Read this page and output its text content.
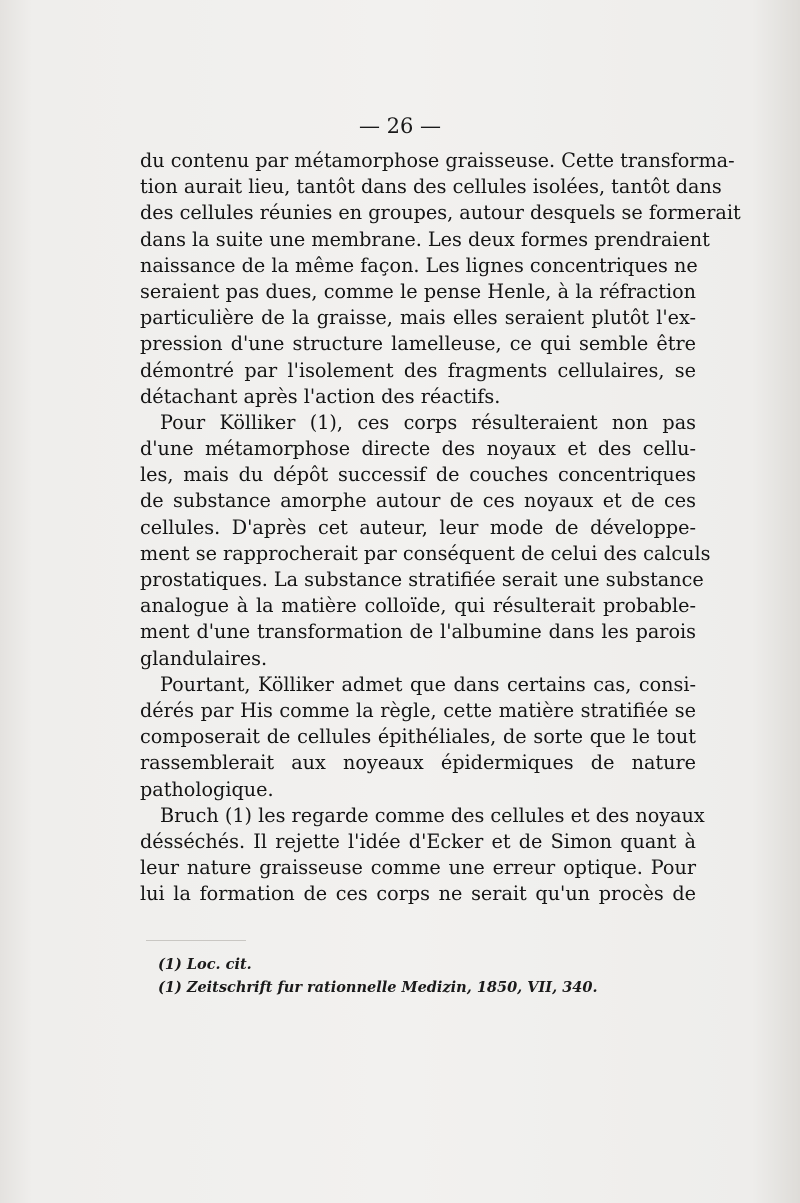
— 26 —
du contenu par métamorphose graisseuse. Cette transforma-
tion aurait lieu, tantôt dans des cellules isolées, tantôt dans
des cellules réunies en groupes, autour desquels se formerait
dans la suite une membrane. Les deux formes prendraient
naissance de la même façon. Les lignes concentriques ne
seraient pas dues, comme le pense Henle, à la réfraction
particulière de la graisse, mais elles seraient plutôt l'ex-
pression d'une structure lamelleuse, ce qui semble être
démontré par l'isolement des fragments cellulaires, se
détachant après l'action des réactifs.
Pour Kölliker (1), ces corps résulteraient non pas
d'une métamorphose directe des noyaux et des cellu-
les, mais du dépôt successif de couches concentriques
de substance amorphe autour de ces noyaux et de ces
cellules. D'après cet auteur, leur mode de développe-
ment se rapprocherait par conséquent de celui des calculs
prostatiques. La substance stratifiée serait une substance
analogue à la matière colloïde, qui résulterait probable-
ment d'une transformation de l'albumine dans les parois
glandulaires.
Pourtant, Kölliker admet que dans certains cas, consi-
dérés par His comme la règle, cette matière stratifiée se
composerait de cellules épithéliales, de sorte que le tout
rassemblerait aux noyeaux épidermiques de nature
pathologique.
Bruch (1) les regarde comme des cellules et des noyaux
désséchés. Il rejette l'idée d'Ecker et de Simon quant à
leur nature graisseuse comme une erreur optique. Pour
lui la formation de ces corps ne serait qu'un procès de
(1) Loc. cit.
(1) Zeitschrift fur rationnelle Medizin, 1850, VII, 340.
